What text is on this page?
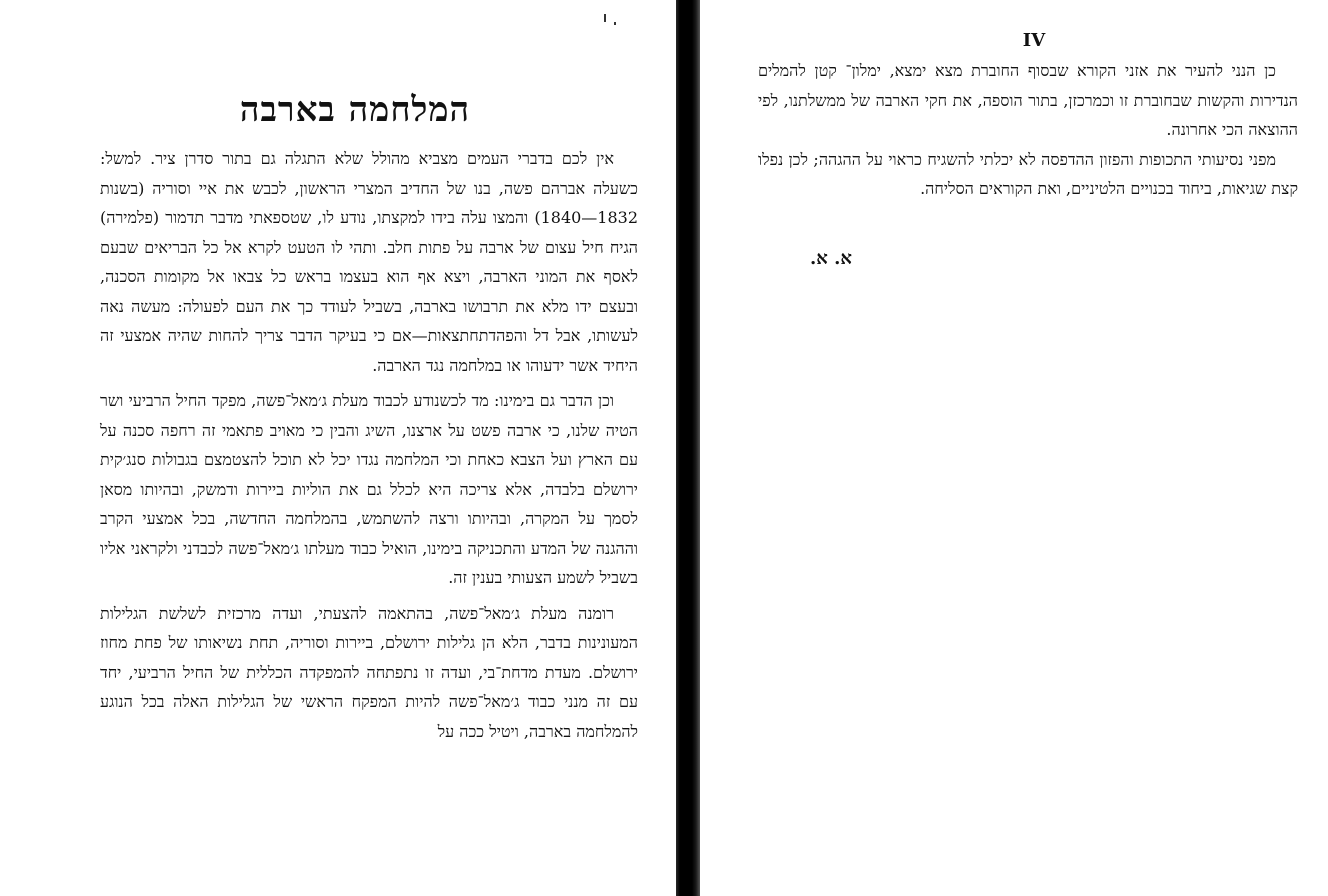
המלחמה בארבה

אין לכם בדברי העמים מצביא מהולל שלא התגלה גם בתור סדרן ציר. למשל: כשעלה אברהם פשה, בנו של החדיב המצרי הראשון, לכבש את איי וסוריה (בשנות 1832—1840) והמצו עלה בידו למקצתו, נודע לו, שטספאתי מדבר תדמור (פלמירה) הגיח חיל עצום של ארבה על פתות חלב. ותהי לו הטעט לקרא אל כל הבריאים שבעם לאסף את המוני הארבה, ויצא אף הוא בעצמו בראש כל צבאו אל מקומות הסכנה, ובעצם ידו מלא את תרבושו בארבה, בשביל לעודד כך את העם לפעולה: מעשה נאה לעשותו, אבל דל והפהדתחתצאות—אם כי בעיקר הדבר צריך להחות שהיה אמצעי זה היחיד אשר ידעוהו או במלחמה נגד הארבה.

וכן הדבר גם בימינו: מד לכשנודע לכבוד מעלת ג׳מאל־פשה, מפקד החיל הרביעי ושר הטיה שלנו, כי ארבה פשט על ארצנו, השיג והבין כי מאויב פתאמי זה רחפה סכנה על עם הארץ ועל הצבא כאחת וכי המלחמה נגדו יכל לא תוכל להצטמצם בגבולות סנג׳קית ירושלם בלבדה, אלא צריכה היא לכלל גם את הוליות ביירות ודמשק, ובהיותו מסאן לסמך על המקרה, ובהיותו ורצה להשתמש, בהמלחמה החדשה, בכל אמצעי הקרב וההגנה של המדע והתכניקה בימינו, הואיל כבוד מעלתו ג׳מאל־פשה לכבדני ולקראני אליו בשביל לשמע הצעותי בענין זה.

רומנה מעלת ג׳מאל־פשה, בהתאמה להצעתי, ועדה מרכזית לשלשת הגלילות המעונינות בדבר, הלא הן גלילות ירושלם, ביירות וסוריה, תחת נשיאותו של פחת מחוז ירושלם. מעדת מדחת־בי, ועדה זו נתפתחה להמפקדה הכללית של החיל הרביעי, יחד עם זה מנני כבוד ג׳מאל־פשה להיות המפקח הראשי של הגלילות האלה בכל הנוגע להמלחמה בארבה, ויטיל ככה על

IV

כן הנני להעיר את אזני הקורא שבסוף החוברת מצא ימצא, ימלון־ קטן להמלים הנדירות והקשות שבחוברת זו וכמרכזן, בתור הוספה, את חקי הארבה של ממשלתנו, לפי ההוצאה הכי אחרונה.

מפני נסיעותי התכופות והפזון ההדפסה לא יכלתי להשגיח כראוי על ההגהה; לכן נפלו קצת שגיאות, ביחוד בכנויים הלטיניים, ואת הקוראים הסליחה.

א. א.
